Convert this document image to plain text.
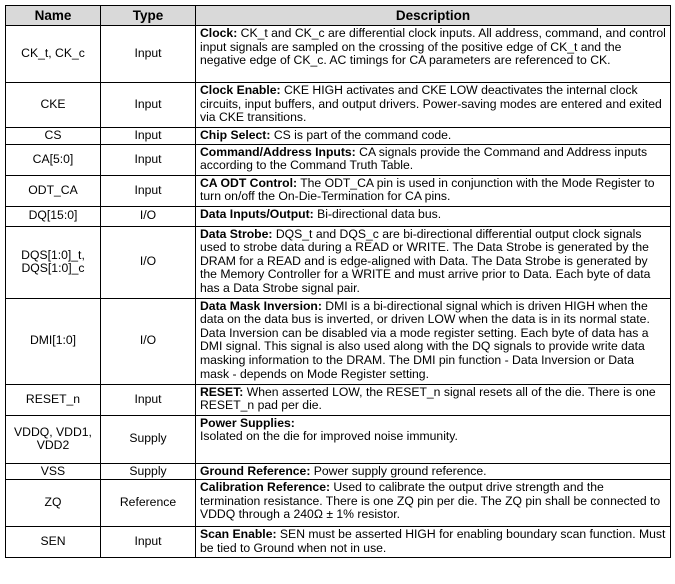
Name	Type	Description
CK_t, CK_c	Input	Clock: CK_t and CK_c are differential clock inputs. All address, command, and control input signals are sampled on the crossing of the positive edge of CK_t and the negative edge of CK_c. AC timings for CA parameters are referenced to CK.
CKE	Input	Clock Enable: CKE HIGH activates and CKE LOW deactivates the internal clock circuits, input buffers, and output drivers. Power-saving modes are entered and exited via CKE transitions.
CS	Input	Chip Select: CS is part of the command code.
CA[5:0]	Input	Command/Address Inputs: CA signals provide the Command and Address inputs according to the Command Truth Table.
ODT_CA	Input	CA ODT Control: The ODT_CA pin is used in conjunction with the Mode Register to turn on/off the On-Die-Termination for CA pins.
DQ[15:0]	I/O	Data Inputs/Output: Bi-directional data bus.
DQS[1:0]_t, DQS[1:0]_c	I/O	Data Strobe: DQS_t and DQS_c are bi-directional differential output clock signals used to strobe data during a READ or WRITE. The Data Strobe is generated by the DRAM for a READ and is edge-aligned with Data. The Data Strobe is generated by the Memory Controller for a WRITE and must arrive prior to Data. Each byte of data has a Data Strobe signal pair.
DMI[1:0]	I/O	Data Mask Inversion: DMI is a bi-directional signal which is driven HIGH when the data on the data bus is inverted, or driven LOW when the data is in its normal state. Data Inversion can be disabled via a mode register setting. Each byte of data has a DMI signal. This signal is also used along with the DQ signals to provide write data masking information to the DRAM. The DMI pin function - Data Inversion or Data mask - depends on Mode Register setting.
RESET_n	Input	RESET: When asserted LOW, the RESET_n signal resets all of the die. There is one RESET_n pad per die.
VDDQ, VDD1, VDD2	Supply	Power Supplies:
Isolated on the die for improved noise immunity.

VSS	Supply	Ground Reference: Power supply ground reference.
ZQ	Reference	Calibration Reference: Used to calibrate the output drive strength and the termination resistance. There is one ZQ pin per die. The ZQ pin shall be connected to VDDQ through a 240Ω ± 1% resistor.
SEN	Input	Scan Enable: SEN must be asserted HIGH for enabling boundary scan function. Must be tied to Ground when not in use.
